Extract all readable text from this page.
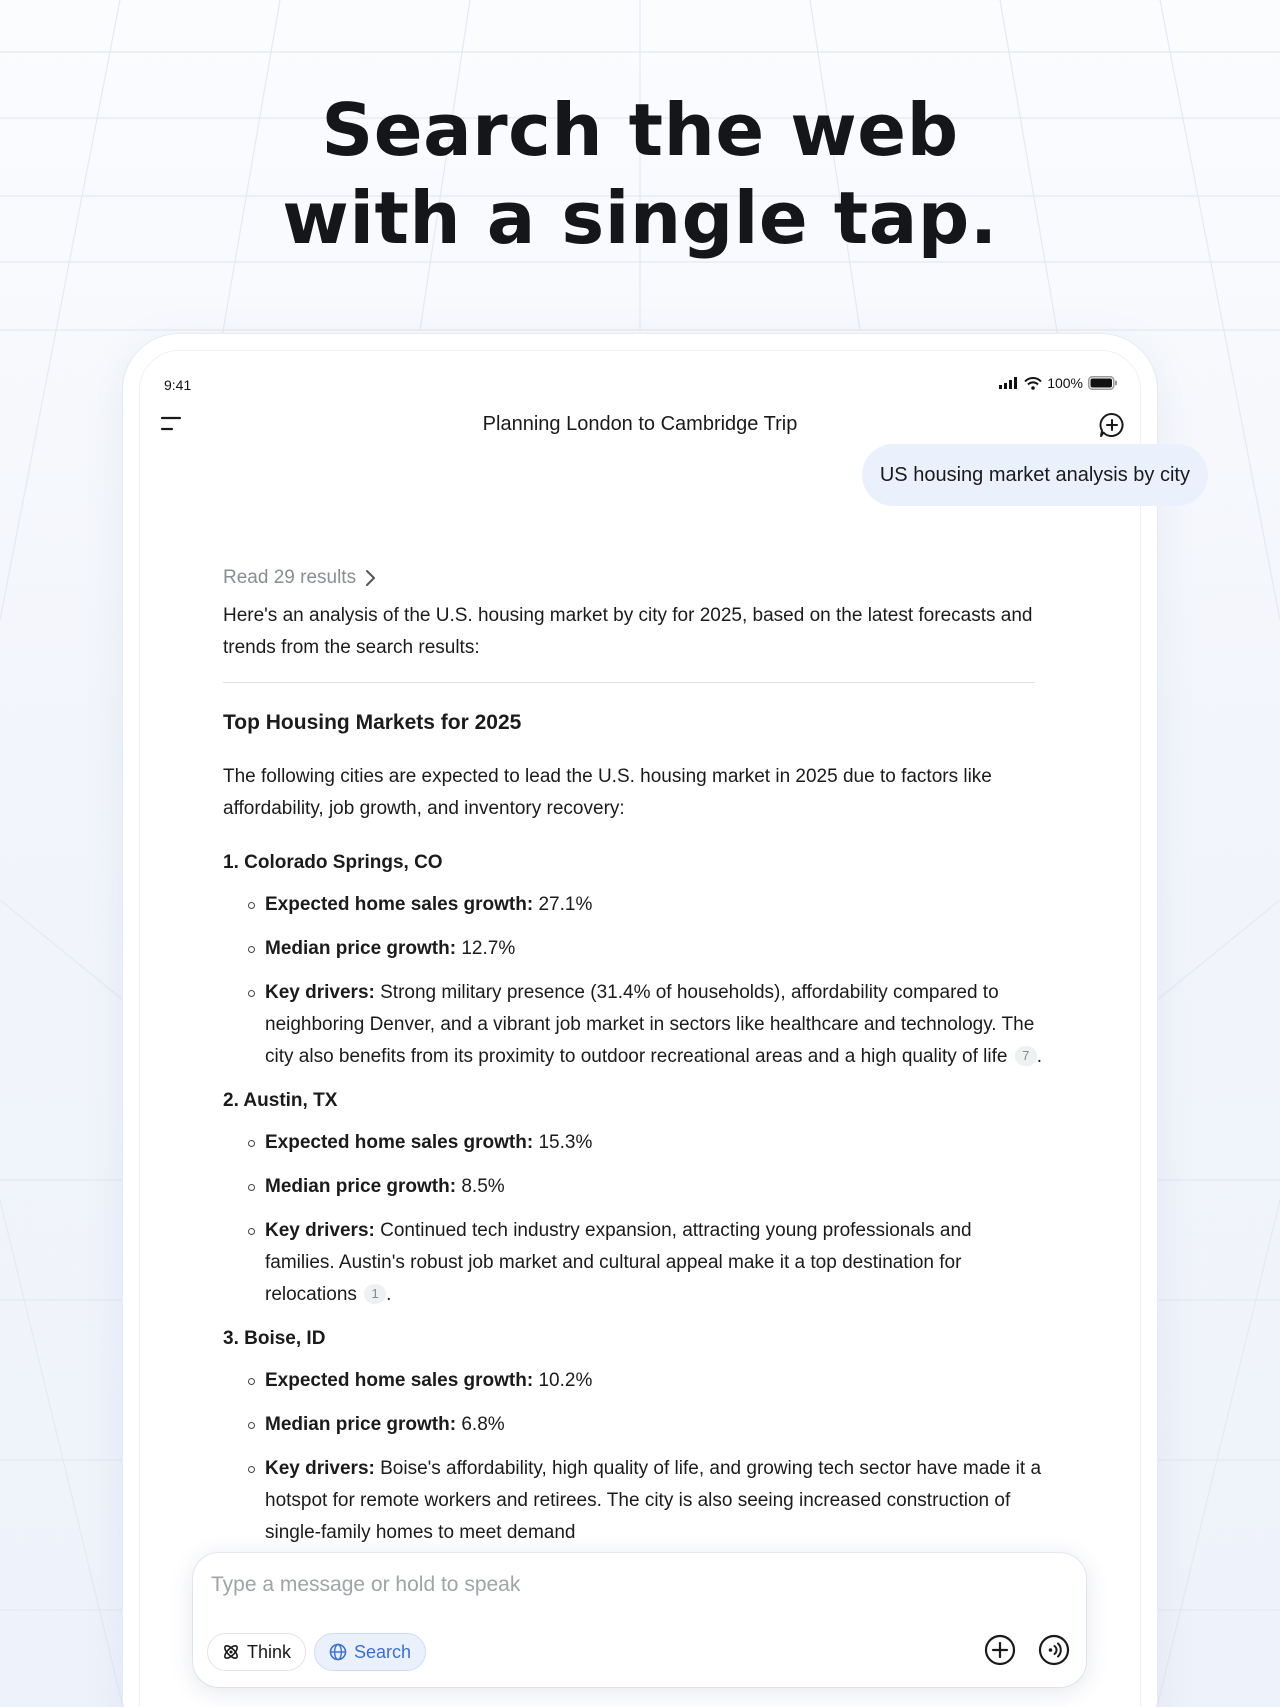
Search the web
with a single tap.
9:41	100%
Planning London to Cambridge Trip
US housing market analysis by city
Read 29 results

Here's an analysis of the U.S. housing market by city for 2025, based on the latest forecasts and trends from the search results:

Top Housing Markets for 2025

The following cities are expected to lead the U.S. housing market in 2025 due to factors like affordability, job growth, and inventory recovery:

1. Colorado Springs, CO
Expected home sales growth: 27.1%
Median price growth: 12.7%
Key drivers: Strong military presence (31.4% of households), affordability compared to neighboring Denver, and a vibrant job market in sectors like healthcare and technology. The city also benefits from its proximity to outdoor recreational areas and a high quality of life 7 .
2. Austin, TX
Expected home sales growth: 15.3%
Median price growth: 8.5%
Key drivers: Continued tech industry expansion, attracting young professionals and families. Austin's robust job market and cultural appeal make it a top destination for relocations 1 .
3. Boise, ID
Expected home sales growth: 10.2%
Median price growth: 6.8%
Key drivers: Boise's affordability, high quality of life, and growing tech sector have made it a hotspot for remote workers and retirees. The city is also seeing increased construction of single-family homes to meet demand
Type a message or hold to speak
Think	Search
